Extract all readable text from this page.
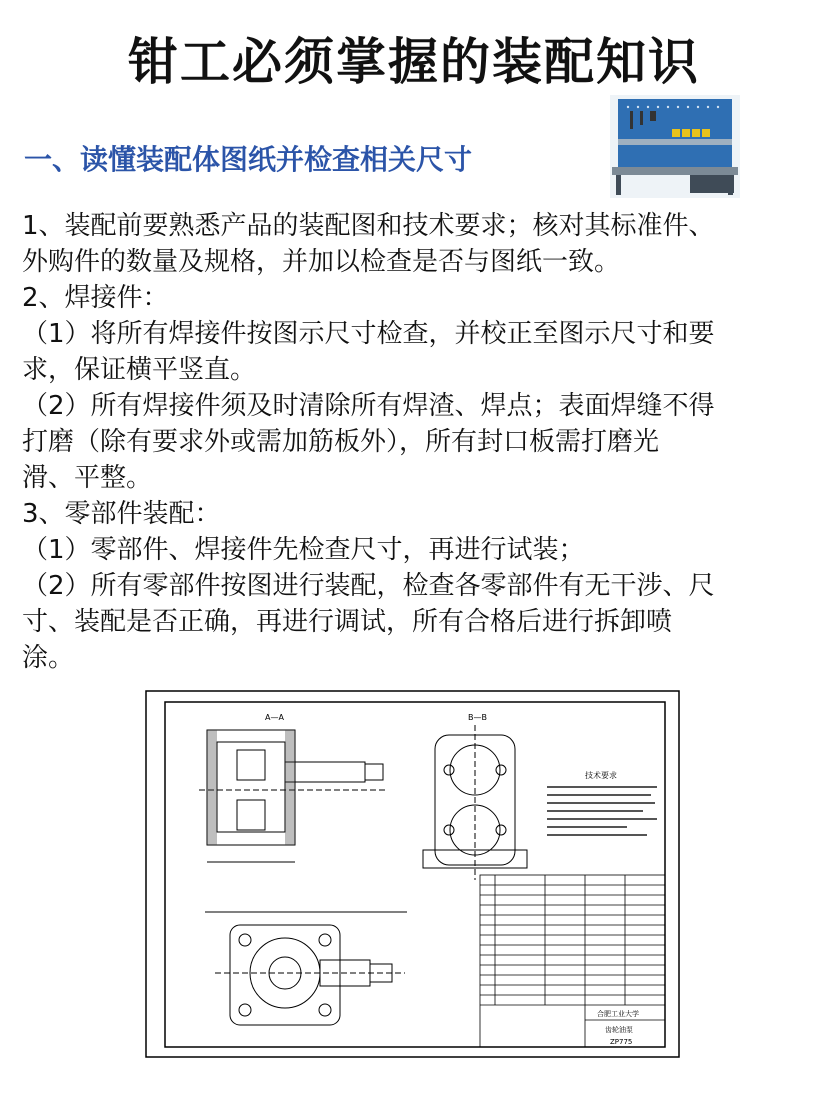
钳工必须掌握的装配知识
一、读懂装配体图纸并检查相关尺寸
1、装配前要熟悉产品的装配图和技术要求；核对其标准件、
外购件的数量及规格，并加以检查是否与图纸一致。
2、焊接件：
（1）将所有焊接件按图示尺寸检查，并校正至图示尺寸和要
求，保证横平竖直。
（2）所有焊接件须及时清除所有焊渣、焊点；表面焊缝不得
打磨（除有要求外或需加筋板外），所有封口板需打磨光
滑、平整。
3、零部件装配：
（1）零部件、焊接件先检查尺寸，再进行试装；
（2）所有零部件按图进行装配，检查各零部件有无干涉、尺
寸、装配是否正确，再进行调试，所有合格后进行拆卸喷
涂。
A—A	B—B
技术要求
合肥工业大学
齿轮油泵
ZP775
